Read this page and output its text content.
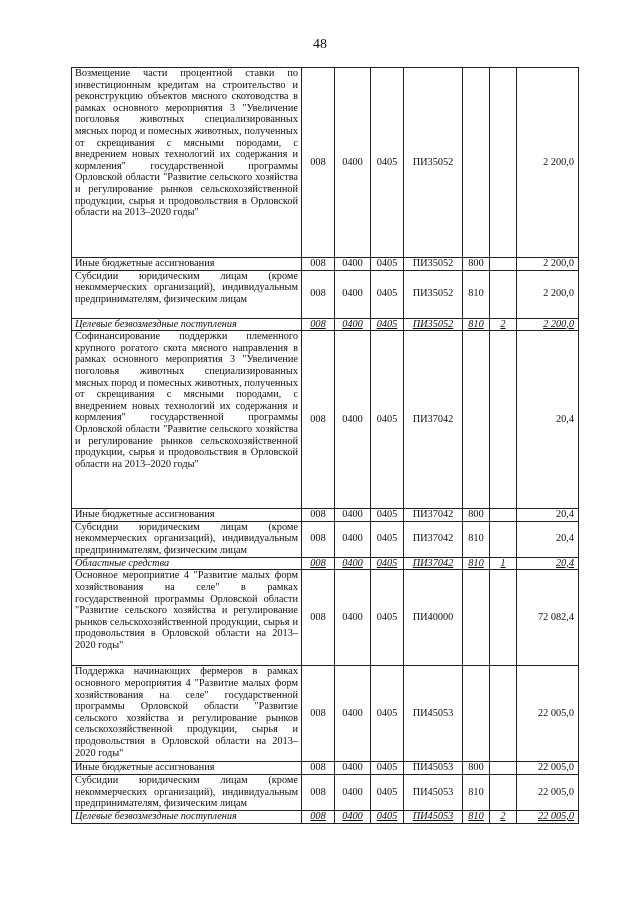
48
Возмещение части процентной ставки по инвестиционным кредитам на строительство и реконструкцию объектов мясного скотоводства в рамках основного мероприятия 3 "Увеличение поголовья животных специализированных мясных пород и помесных животных, полученных от скрещивания с мясными породами, с внедрением новых технологий их содержания и кормления" государственной программы Орловской области "Развитие сельского хозяйства и регулирование рынков сельскохозяйственной продукции, сырья и продовольствия в Орловской области на 2013–2020 годы"	008	0400	0405	ПИ35052			2 200,0
Иные бюджетные ассигнования	008	0400	0405	ПИ35052	800		2 200,0
Субсидии юридическим лицам (кроме некоммерческих организаций), индивидуальным предпринимателям, физическим лицам	008	0400	0405	ПИ35052	810		2 200,0
Целевые безвозмездные поступления	008	0400	0405	ПИ35052	810	2	2 200,0
Софинансирование поддержки племенного крупного рогатого скота мясного направления в рамках основного мероприятия 3 "Увеличение поголовья животных специализированных мясных пород и помесных животных, полученных от скрещивания с мясными породами, с внедрением новых технологий их содержания и кормления" государственной программы Орловской области "Развитие сельского хозяйства и регулирование рынков сельскохозяйственной продукции, сырья и продовольствия в Орловской области на 2013–2020 годы"	008	0400	0405	ПИ37042			20,4
Иные бюджетные ассигнования	008	0400	0405	ПИ37042	800		20,4
Субсидии юридическим лицам (кроме некоммерческих организаций), индивидуальным предпринимателям, физическим лицам	008	0400	0405	ПИ37042	810		20,4
Областные средства	008	0400	0405	ПИ37042	810	1	20,4
Основное мероприятие 4 "Развитие малых форм хозяйствования на селе" в рамках государственной программы Орловской области "Развитие сельского хозяйства и регулирование рынков сельскохозяйственной продукции, сырья и продовольствия в Орловской области на 2013–2020 годы"	008	0400	0405	ПИ40000			72 082,4
Поддержка начинающих фермеров в рамках основного мероприятия 4 "Развитие малых форм хозяйствования на селе" государственной программы Орловской области "Развитие сельского хозяйства и регулирование рынков сельскохозяйственной продукции, сырья и продовольствия в Орловской области на 2013–2020 годы"	008	0400	0405	ПИ45053			22 005,0
Иные бюджетные ассигнования	008	0400	0405	ПИ45053	800		22 005,0
Субсидии юридическим лицам (кроме некоммерческих организаций), индивидуальным предпринимателям, физическим лицам	008	0400	0405	ПИ45053	810		22 005,0
Целевые безвозмездные поступления	008	0400	0405	ПИ45053	810	2	22 005,0
